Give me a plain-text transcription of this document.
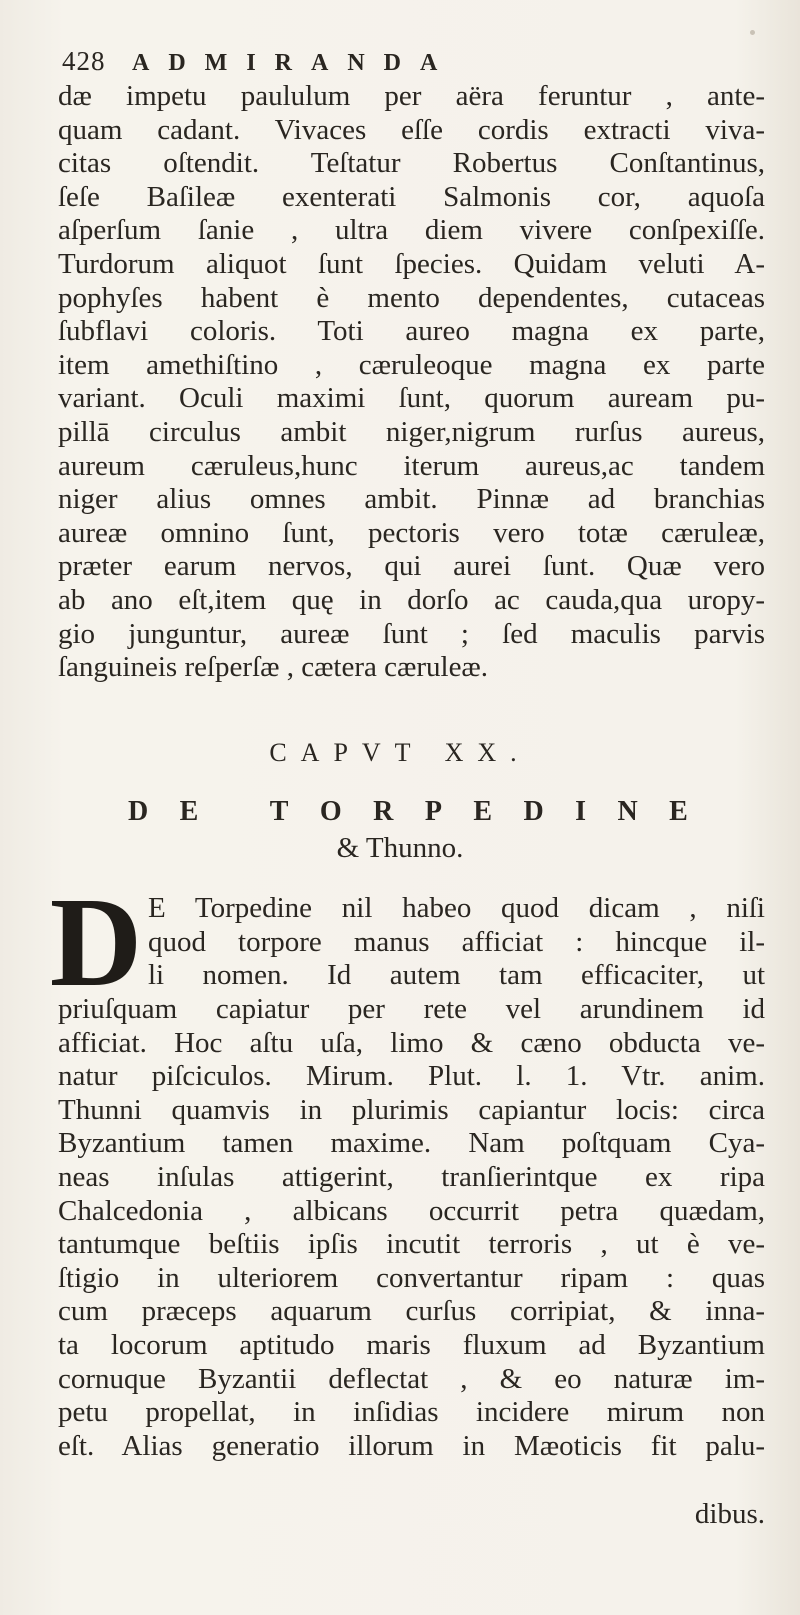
428	ADMIRANDA
dæ impetu paululum per aëra feruntur , ante-
quam cadant. Vivaces eſſe cordis extracti viva-
citas oſtendit. Teſtatur Robertus Conſtantinus,
ſeſe Baſileæ exenterati Salmonis cor, aquoſa
aſperſum ſanie , ultra diem vivere conſpexiſſe.
Turdorum aliquot ſunt ſpecies. Quidam veluti A-
pophyſes habent è mento dependentes, cutaceas
ſubflavi coloris. Toti aureo magna ex parte,
item amethiſtino , cæruleoque magna ex parte
variant. Oculi maximi ſunt, quorum auream pu-
pillā circulus ambit niger,nigrum rurſus aureus,
aureum cæruleus,hunc iterum aureus,ac tandem
niger alius omnes ambit. Pinnæ ad branchias
aureæ omnino ſunt, pectoris vero totæ cæruleæ,
præter earum nervos, qui aurei ſunt. Quæ vero
ab ano eſt,item quę in dorſo ac cauda,qua uropy-
gio junguntur, aureæ ſunt ; ſed maculis parvis
ſanguineis reſperſæ , cætera cæruleæ.
CAPVT XX.
D E	T O R P E D I N E
& Thunno.
D E Torpedine nil habeo quod dicam , niſi
quod torpore manus afficiat : hincque il-
li nomen. Id autem tam efficaciter, ut
priuſquam capiatur per rete vel arundinem id
afficiat. Hoc aſtu uſa, limo & cæno obducta ve-
natur piſciculos. Mirum. Plut. l. 1. Vtr. anim.
Thunni quamvis in plurimis capiantur locis: circa
Byzantium tamen maxime. Nam poſtquam Cya-
neas inſulas attigerint, tranſierintque ex ripa
Chalcedonia , albicans occurrit petra quædam,
tantumque beſtiis ipſis incutit terroris , ut è ve-
ſtigio in ulteriorem convertantur ripam : quas
cum præceps aquarum curſus corripiat, & inna-
ta locorum aptitudo maris fluxum ad Byzantium
cornuque Byzantii deflectat , & eo naturæ im-
petu propellat, in inſidias incidere mirum non
eſt. Alias generatio illorum in Mæoticis fit palu-
dibus.
